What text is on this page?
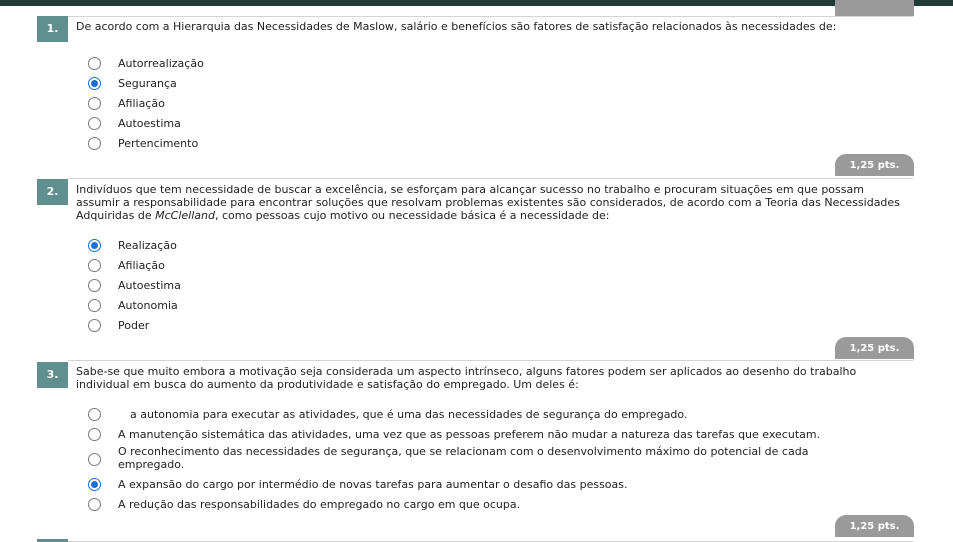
1.	De acordo com a Hierarquia das Necessidades de Maslow, salário e benefícios são fatores de satisfação relacionados às necessidades de:
Autorrealização
Segurança
Afiliação
Autoestima
Pertencimento
1,25 pts.
2.	Indivíduos que tem necessidade de buscar a excelência, se esforçam para alcançar sucesso no trabalho e procuram situações em que possam assumir a responsabilidade para encontrar soluções que resolvam problemas existentes são considerados, de acordo com a Teoria das Necessidades Adquiridas de McClelland, como pessoas cujo motivo ou necessidade básica é a necessidade de:
Realização
Afiliação
Autoestima
Autonomia
Poder
1,25 pts.
3.	Sabe-se que muito embora a motivação seja considerada um aspecto intrínseco, alguns fatores podem ser aplicados ao desenho do trabalho individual em busca do aumento da produtividade e satisfação do empregado. Um deles é:
a autonomia para executar as atividades, que é uma das necessidades de segurança do empregado.
A manutenção sistemática das atividades, uma vez que as pessoas preferem não mudar a natureza das tarefas que executam.
O reconhecimento das necessidades de segurança, que se relacionam com o desenvolvimento máximo do potencial de cada empregado.
A expansão do cargo por intermédio de novas tarefas para aumentar o desafio das pessoas.
A redução das responsabilidades do empregado no cargo em que ocupa.
1,25 pts.
